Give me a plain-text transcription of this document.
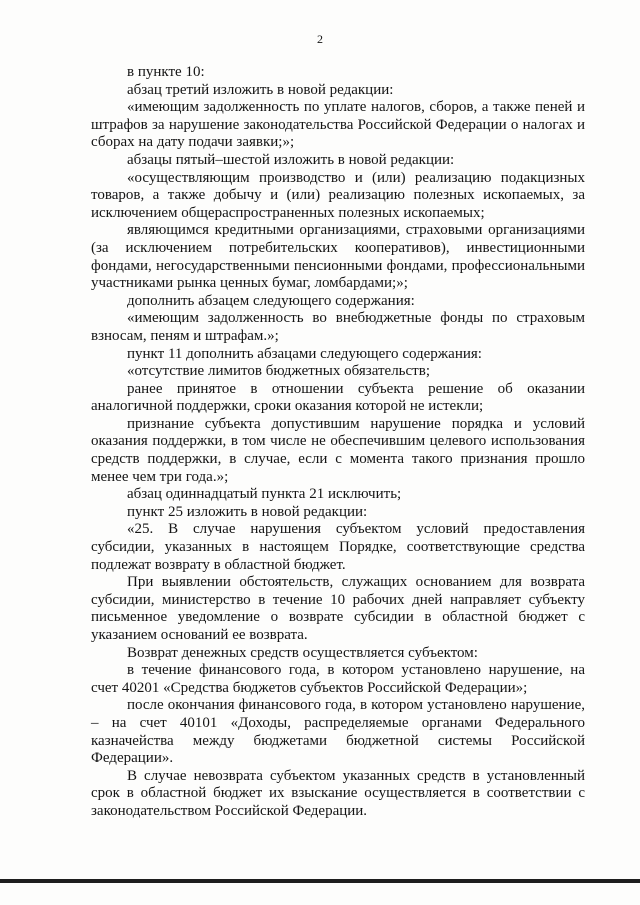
2

в пункте 10:

абзац третий изложить в новой редакции:

«имеющим задолженность по уплате налогов, сборов, а также пеней и штрафов за нарушение законодательства Российской Федерации о налогах и сборах на дату подачи заявки;»;

абзацы пятый–шестой изложить в новой редакции:

«осуществляющим производство и (или) реализацию подакцизных товаров, а также добычу и (или) реализацию полезных ископаемых, за исключением общераспространенных полезных ископаемых;

являющимся кредитными организациями, страховыми организациями (за исключением потребительских кооперативов), инвестиционными фондами, негосударственными пенсионными фондами, профессиональными участниками рынка ценных бумаг, ломбардами;»;

дополнить абзацем следующего содержания:

«имеющим задолженность во внебюджетные фонды по страховым взносам, пеням и штрафам.»;

пункт 11 дополнить абзацами следующего содержания:

«отсутствие лимитов бюджетных обязательств;

ранее принятое в отношении субъекта решение об оказании аналогичной поддержки, сроки оказания которой не истекли;

признание субъекта допустившим нарушение порядка и условий оказания поддержки, в том числе не обеспечившим целевого использования средств поддержки, в случае, если с момента такого признания прошло менее чем три года.»;

абзац одиннадцатый пункта 21 исключить;

пункт 25 изложить в новой редакции:

«25. В случае нарушения субъектом условий предоставления субсидии, указанных в настоящем Порядке, соответствующие средства подлежат возврату в областной бюджет.

При выявлении обстоятельств, служащих основанием для возврата субсидии, министерство в течение 10 рабочих дней направляет субъекту письменное уведомление о возврате субсидии в областной бюджет с указанием оснований ее возврата.

Возврат денежных средств осуществляется субъектом:

в течение финансового года, в котором установлено нарушение, на счет 40201 «Средства бюджетов субъектов Российской Федерации»;

после окончания финансового года, в котором установлено нарушение, – на счет 40101 «Доходы, распределяемые органами Федерального казначейства между бюджетами бюджетной системы Российской Федерации».

В случае невозврата субъектом указанных средств в установленный срок в областной бюджет их взыскание осуществляется в соответствии с законодательством Российской Федерации.
